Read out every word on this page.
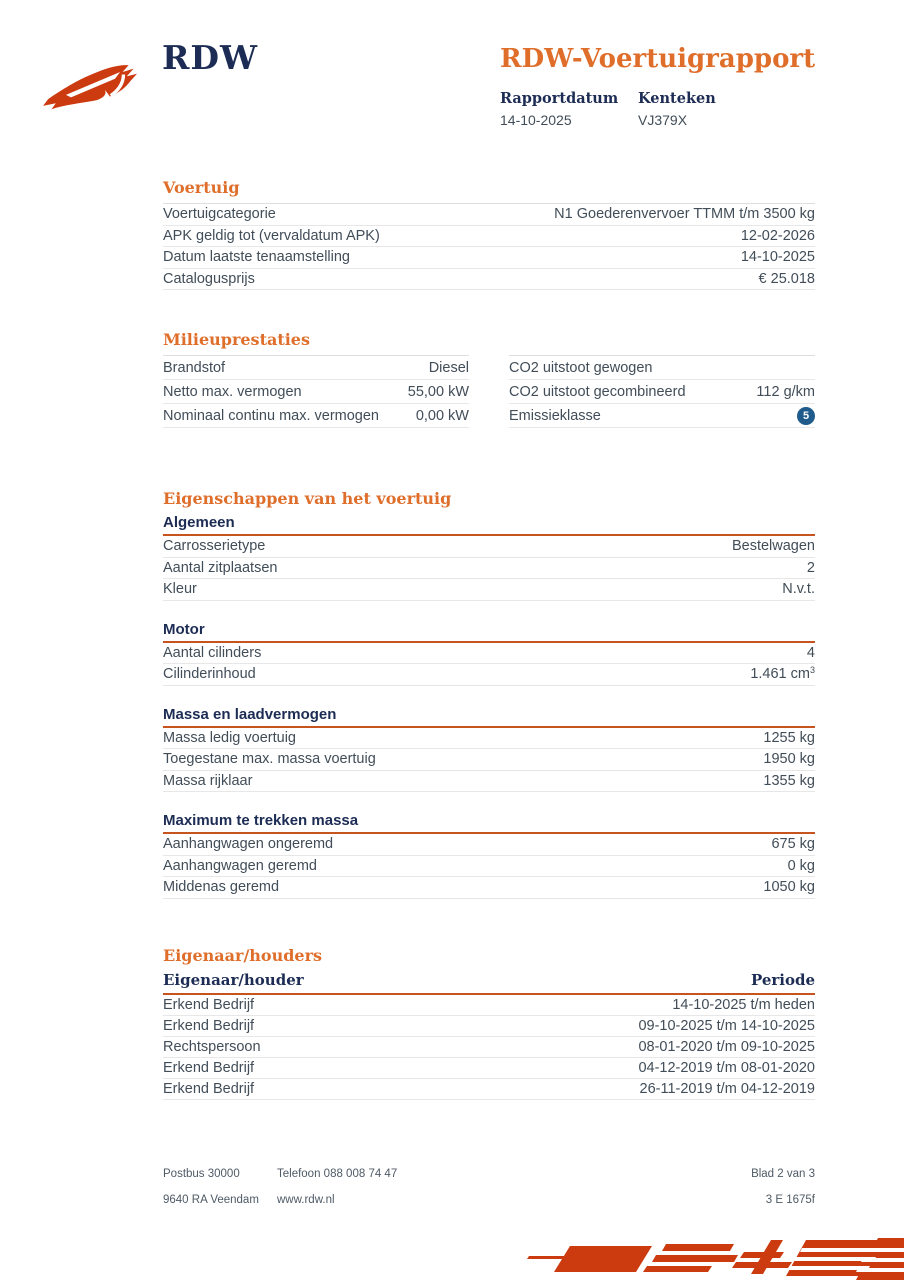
RDW	RDW-Voertuigrapport
Rapportdatum
14-10-2025
Kenteken
VJ379X
Voertuig
Voertuigcategorie	N1 Goederenvervoer TTMM t/m 3500 kg
APK geldig tot (vervaldatum APK)	12-02-2026
Datum laatste tenaamstelling	14-10-2025
Catalogusprijs	€ 25.018
Milieuprestaties
Brandstof	Diesel
Netto max. vermogen	55,00 kW
Nominaal continu max. vermogen	0,00 kW
CO2 uitstoot gewogen
CO2 uitstoot gecombineerd	112 g/km
Emissieklasse	5
Eigenschappen van het voertuig
Algemeen
Carrosserietype	Bestelwagen
Aantal zitplaatsen	2
Kleur	N.v.t.
Motor
Aantal cilinders	4
Cilinderinhoud	1.461 $cm^3$
Massa en laadvermogen
Massa ledig voertuig	1255 kg
Toegestane max. massa voertuig	1950 kg
Massa rijklaar	1355 kg
Maximum te trekken massa
Aanhangwagen ongeremd	675 kg
Aanhangwagen geremd	0 kg
Middenas geremd	1050 kg
Eigenaar/houders
Eigenaar/houder	Periode
Erkend Bedrijf	14-10-2025 t/m heden
Erkend Bedrijf	09-10-2025 t/m 14-10-2025
Rechtspersoon	08-01-2020 t/m 09-10-2025
Erkend Bedrijf	04-12-2019 t/m 08-01-2020
Erkend Bedrijf	26-11-2019 t/m 04-12-2019
Postbus 30000	Telefoon 088 008 74 47	Blad 2 van 3
9640 RA Veendam	www.rdw.nl	3 E 1675f
